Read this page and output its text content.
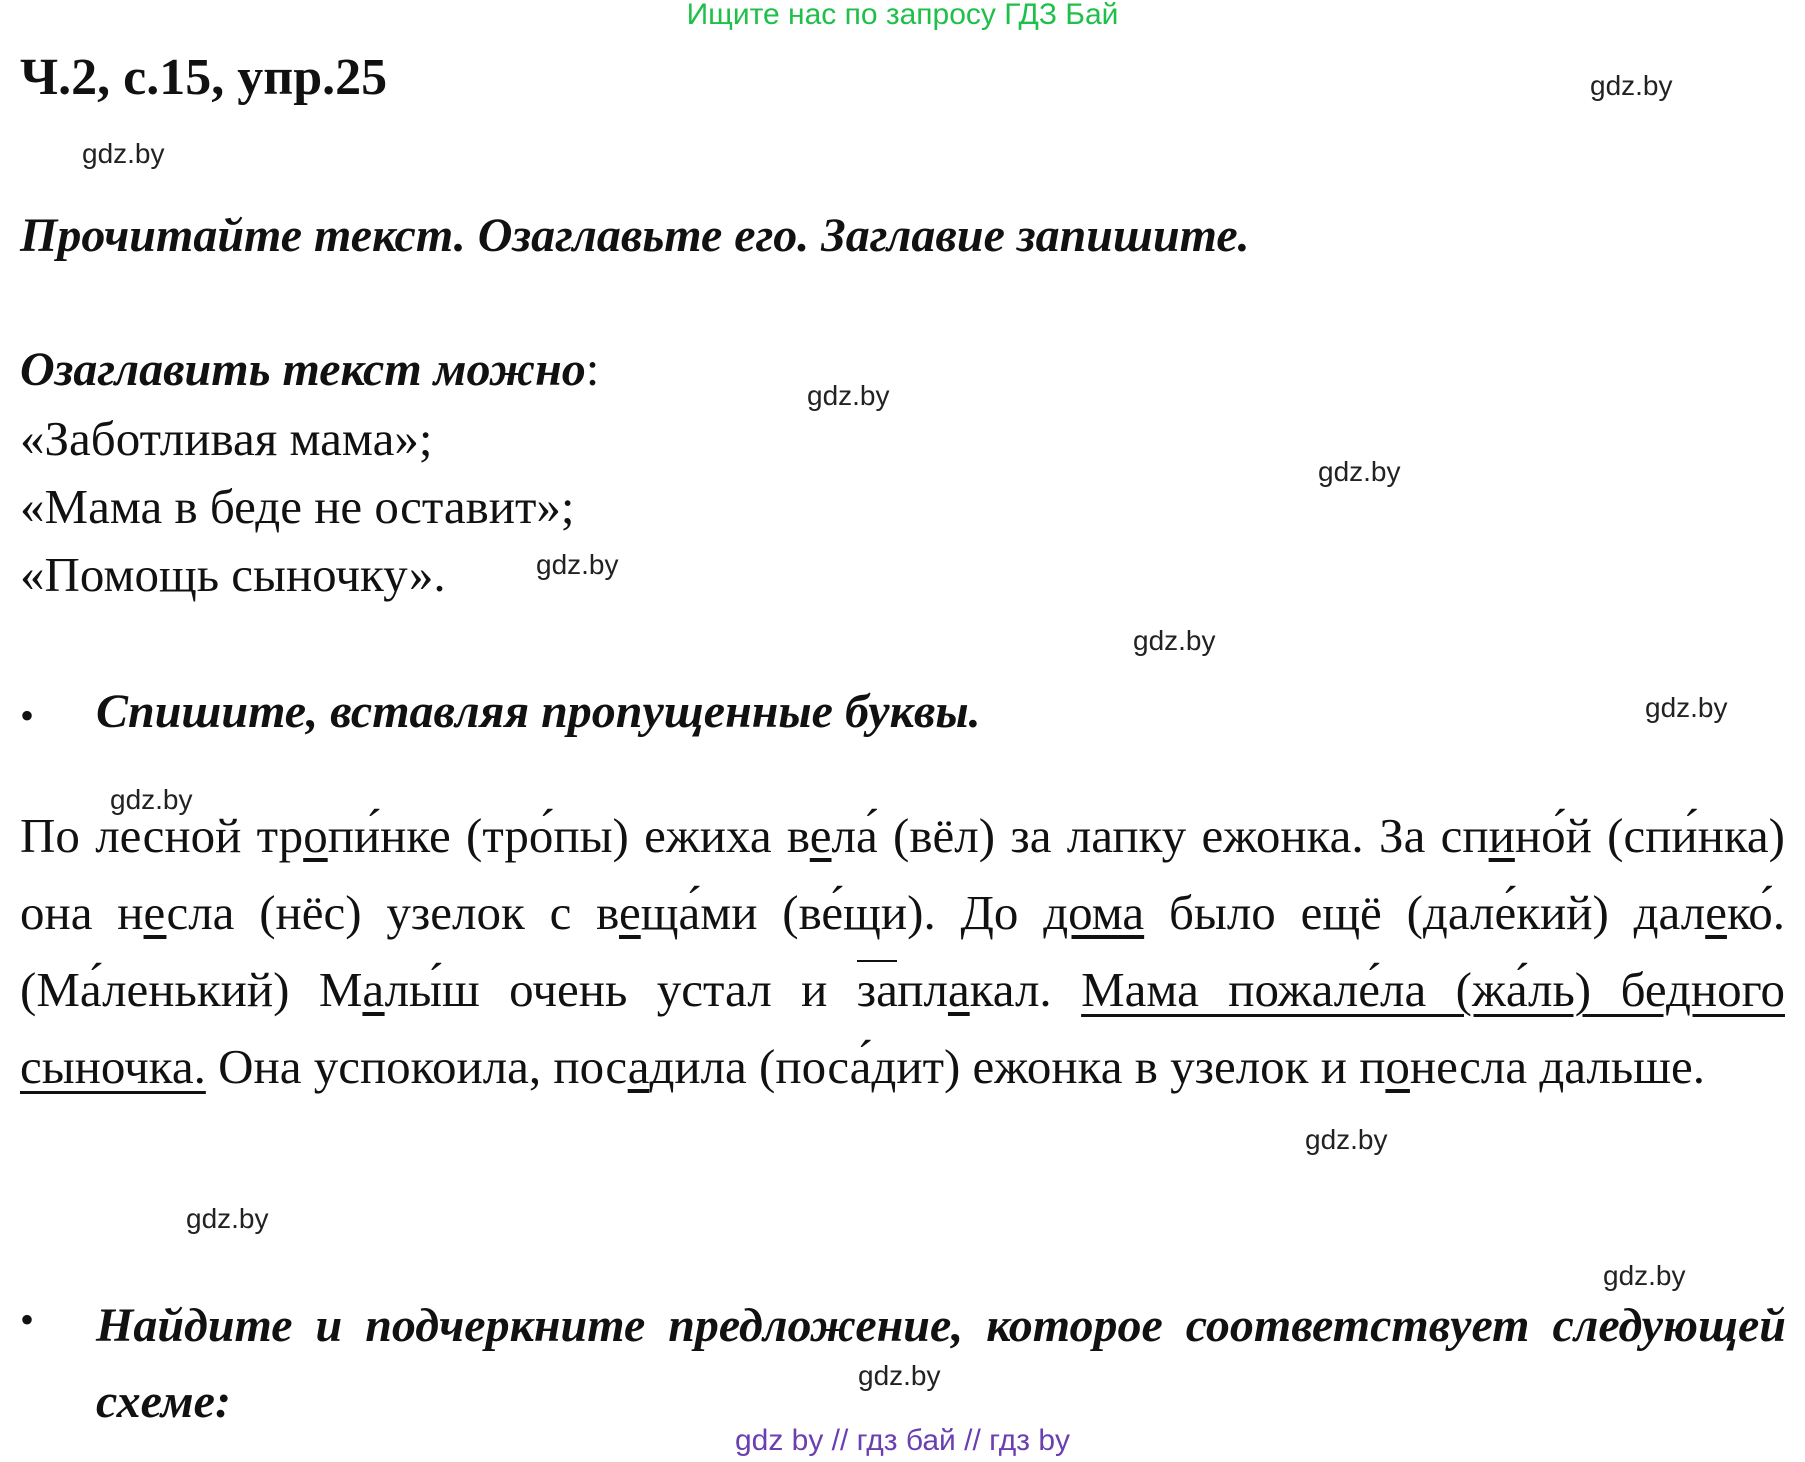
Ищите нас по запросу ГДЗ Бай
Ч.2, с.15, упр.25	gdz.by
gdz.by
Прочитайте текст. Озаглавьте его. Заглавие запишите.
Озаглавить текст можно:	gdz.by
«Заботливая мама»;
gdz.by
«Мама в беде не оставит»;
«Помощь сыночку».	gdz.by
gdz.by
• Спишите, вставляя пропущенные буквы.	gdz.by
gdz.by
По лесной тропи́нке (тро́пы) ежиха вела́ (вёл) за лапку ежонка. За спино́й (спи́нка) она несла (нёс) узелок с веща́ми (ве́щи). До дома было ещё (дале́кий) далеко́. (Ма́ленький) Малы́ш очень устал и заплакал. Мама пожале́ла (жа́ль) бедного сыночка. Она успокоила, посадила (поса́дит) ежонка в узелок и понесла дальше.
gdz.by
gdz.by
gdz.by
• Найдите и подчеркните предложение, которое соответствует следующей схеме:	gdz.by
gdz by // гдз бай // гдз by
